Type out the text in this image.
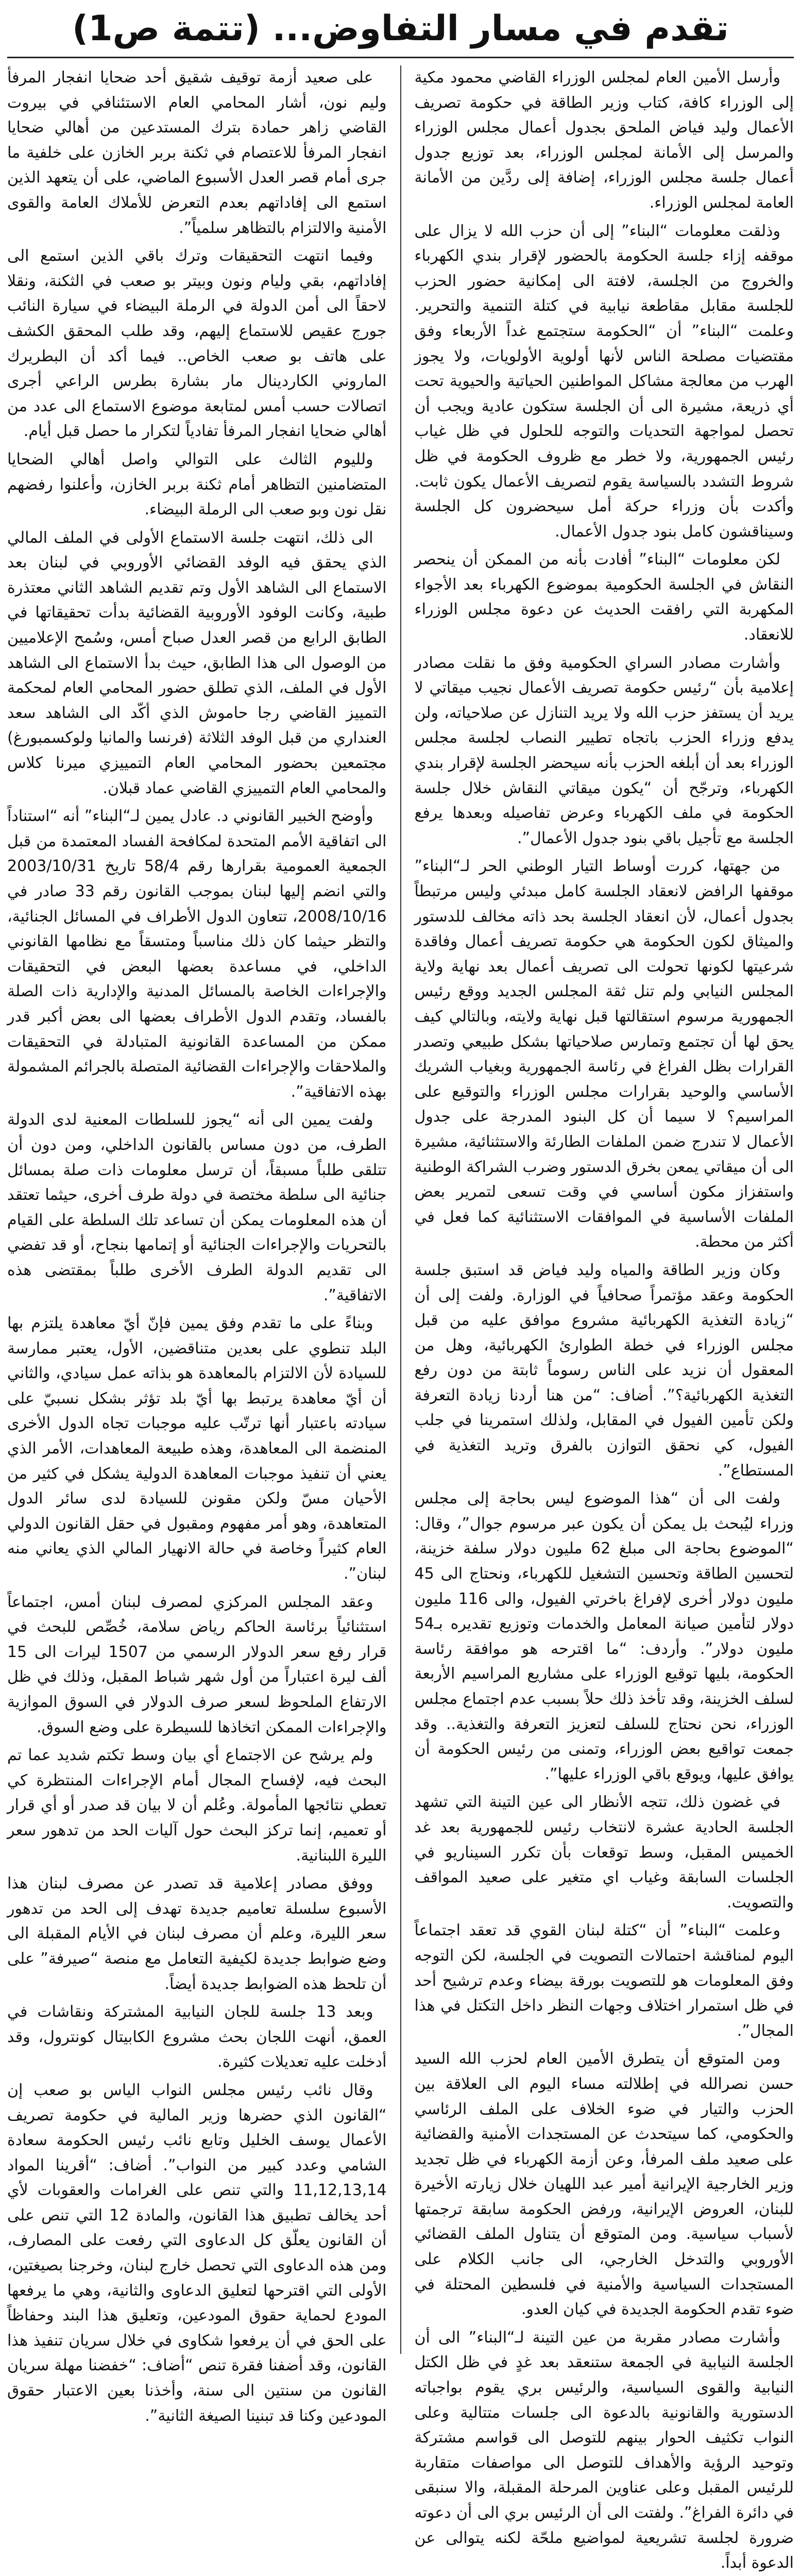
تقدم في مسار التفاوض... (تتمة ص1)

وأرسل الأمين العام لمجلس الوزراء القاضي محمود مكية إلى الوزراء كافة، كتاب وزير الطاقة في حكومة تصريف الأعمال وليد فياض الملحق بجدول أعمال مجلس الوزراء والمرسل إلى الأمانة لمجلس الوزراء، بعد توزيع جدول أعمال جلسة مجلس الوزراء، إضافة إلى ردَّين من الأمانة العامة لمجلس الوزراء.

وذلقت معلومات “البناء” إلى أن حزب الله لا يزال على موقفه إزاء جلسة الحكومة بالحضور لإقرار بندي الكهرباء والخروج من الجلسة، لافتة الى إمكانية حضور الحزب للجلسة مقابل مقاطعة نيابية في كتلة التنمية والتحرير. وعلمت “البناء” أن “الحكومة ستجتمع غداً الأربعاء وفق مقتضيات مصلحة الناس لأنها أولوية الأولويات، ولا يجوز الهرب من معالجة مشاكل المواطنين الحياتية والحيوية تحت أي ذريعة، مشيرة الى أن الجلسة ستكون عادية ويجب أن تحصل لمواجهة التحديات والتوجه للحلول في ظل غياب رئيس الجمهورية، ولا خطر مع ظروف الحكومة في ظل شروط التشدد بالسياسة يقوم لتصريف الأعمال يكون ثابت. وأكدت بأن وزراء حركة أمل سيحضرون كل الجلسة وسيناقشون كامل بنود جدول الأعمال.

لكن معلومات “البناء” أفادت بأنه من الممكن أن ينحصر النقاش في الجلسة الحكومية بموضوع الكهرباء بعد الأجواء المكهربة التي رافقت الحديث عن دعوة مجلس الوزراء للانعقاد.

وأشارت مصادر السراي الحكومية وفق ما نقلت مصادر إعلامية بأن “رئيس حكومة تصريف الأعمال نجيب ميقاتي لا يريد أن يستفز حزب الله ولا يريد التنازل عن صلاحياته، ولن يدفع وزراء الحزب باتجاه تطيير النصاب لجلسة مجلس الوزراء بعد أن أبلغه الحزب بأنه سيحضر الجلسة لإقرار بندي الكهرباء، وترجّح أن “يكون ميقاتي النقاش خلال جلسة الحكومة في ملف الكهرباء وعرض تفاصيله وبعدها يرفع الجلسة مع تأجيل باقي بنود جدول الأعمال”.

من جهتها، كررت أوساط التيار الوطني الحر لـ“البناء” موقفها الرافض لانعقاد الجلسة كامل مبدئي وليس مرتبطاً بجدول أعمال، لأن انعقاد الجلسة بحد ذاته مخالف للدستور والميثاق لكون الحكومة هي حكومة تصريف أعمال وفاقدة شرعيتها لكونها تحولت الى تصريف أعمال بعد نهاية ولاية المجلس النيابي ولم تنل ثقة المجلس الجديد ووقع رئيس الجمهورية مرسوم استقالتها قبل نهاية ولايته، وبالتالي كيف يحق لها أن تجتمع وتمارس صلاحياتها بشكل طبيعي وتصدر القرارات بظل الفراغ في رئاسة الجمهورية وبغياب الشريك الأساسي والوحيد بقرارات مجلس الوزراء والتوقيع على المراسيم؟ لا سيما أن كل البنود المدرجة على جدول الأعمال لا تندرج ضمن الملفات الطارئة والاستثنائية، مشيرة الى أن ميقاتي يمعن بخرق الدستور وضرب الشراكة الوطنية واستفزاز مكون أساسي في وقت تسعى لتمرير بعض الملفات الأساسية في الموافقات الاستثنائية كما فعل في أكثر من محطة.

وكان وزير الطاقة والمياه وليد فياض قد استبق جلسة الحكومة وعقد مؤتمراً صحافياً في الوزارة. ولفت إلى أن “زيادة التغذية الكهربائية مشروع موافق عليه من قبل مجلس الوزراء في خطة الطوارئ الكهربائية، وهل من المعقول أن نزيد على الناس رسوماً ثابتة من دون رفع التغذية الكهربائية؟”. أضاف: “من هنا أردنا زيادة التعرفة ولكن تأمين الفيول في المقابل، ولذلك استمرينا في جلب الفيول، كي نحقق التوازن بالفرق وتريد التغذية في المستطاع”.

ولفت الى أن “هذا الموضوع ليس بحاجة إلى مجلس وزراء ليُبحث بل يمكن أن يكون عبر مرسوم جوال”، وقال: “الموضوع بحاجة الى مبلغ 62 مليون دولار سلفة خزينة، لتحسين الطاقة وتحسين التشغيل للكهرباء، ونحتاج الى 45 مليون دولار أخرى لإفراغ باخرتي الفيول، والى 116 مليون دولار لتأمين صيانة المعامل والخدمات وتوزيع تقديره بـ54 مليون دولار”. وأردف: “ما اقترحه هو موافقة رئاسة الحكومة، بليها توقيع الوزراء على مشاريع المراسيم الأربعة لسلف الخزينة، وقد تأخذ ذلك حلاً بسبب عدم اجتماع مجلس الوزراء، نحن نحتاج للسلف لتعزيز التعرفة والتغذية.. وقد جمعت تواقيع بعض الوزراء، وتمنى من رئيس الحكومة أن يوافق عليها، ويوقع باقي الوزراء عليها”.

في غضون ذلك، تتجه الأنظار الى عين التينة التي تشهد الجلسة الحادية عشرة لانتخاب رئيس للجمهورية بعد غد الخميس المقبل، وسط توقعات بأن تكرر السيناريو في الجلسات السابقة وغياب اي متغير على صعيد المواقف والتصويت.

وعلمت “البناء” أن “كتلة لبنان القوي قد تعقد اجتماعاً اليوم لمناقشة احتمالات التصويت في الجلسة، لكن التوجه وفق المعلومات هو للتصويت بورقة بيضاء وعدم ترشيح أحد في ظل استمرار اختلاف وجهات النظر داخل التكتل في هذا المجال”.

ومن المتوقع أن يتطرق الأمين العام لحزب الله السيد حسن نصرالله في إطلالته مساء اليوم الى العلاقة بين الحزب والتيار في ضوء الخلاف على الملف الرئاسي والحكومي، كما سيتحدث عن المستجدات الأمنية والقضائية على صعيد ملف المرفأ، وعن أزمة الكهرباء في ظل تجديد وزير الخارجية الإيرانية أمير عبد اللهيان خلال زيارته الأخيرة للبنان، العروض الإيرانية، ورفض الحكومة سابقة ترجمتها لأسباب سياسية. ومن المتوقع أن يتناول الملف القضائي الأوروبي والتدخل الخارجي، الى جانب الكلام على المستجدات السياسية والأمنية في فلسطين المحتلة في ضوء تقدم الحكومة الجديدة في كيان العدو.

وأشارت مصادر مقربة من عين التينة لـ“البناء” الى أن الجلسة النيابية في الجمعة ستنعقد بعد غدٍ في ظل الكتل النيابية والقوى السياسية، والرئيس بري يقوم بواجباته الدستورية والقانونية بالدعوة الى جلسات متتالية وعلى النواب تكثيف الحوار بينهم للتوصل الى قواسم مشتركة وتوحيد الرؤية والأهداف للتوصل الى مواصفات متقاربة للرئيس المقبل وعلى عناوين المرحلة المقبلة، والا سنبقى في دائرة الفراغ”. ولفتت الى أن الرئيس بري الى أن دعوته ضرورة لجلسة تشريعية لمواضيع ملحّة لكنه يتوالى عن الدعوة أبداً.

على صعيد أزمة توقيف شقيق أحد ضحايا انفجار المرفأ وليم نون، أشار المحامي العام الاستئنافي في بيروت القاضي زاهر حمادة بترك المستدعين من أهالي ضحايا انفجار المرفأ للاعتصام في ثكنة بربر الخازن على خلفية ما جرى أمام قصر العدل الأسبوع الماضي، على أن يتعهد الذين استمع الى إفاداتهم بعدم التعرض للأملاك العامة والقوى الأمنية والالتزام بالتظاهر سلمياً”.

وفيما انتهت التحقيقات وترك باقي الذين استمع الى إفاداتهم، بقي وليام ونون وبيتر بو صعب في الثكنة، ونقلا لاحقاً الى أمن الدولة في الرملة البيضاء في سيارة النائب جورج عقيص للاستماع إليهم، وقد طلب المحقق الكشف على هاتف بو صعب الخاص.. فيما أكد أن البطريرك الماروني الكاردينال مار بشارة بطرس الراعي أجرى اتصالات حسب أمس لمتابعة موضوع الاستماع الى عدد من أهالي ضحايا انفجار المرفأ تفادياً لتكرار ما حصل قبل أيام.

ولليوم الثالث على التوالي واصل أهالي الضحايا المتضامنين التظاهر أمام ثكنة بربر الخازن، وأعلنوا رفضهم نقل نون وبو صعب الى الرملة البيضاء.

الى ذلك، انتهت جلسة الاستماع الأولى في الملف المالي الذي يحقق فيه الوفد القضائي الأوروبي في لبنان بعد الاستماع الى الشاهد الأول وتم تقديم الشاهد الثاني معتذرة طبية، وكانت الوفود الأوروبية القضائية بدأت تحقيقاتها في الطابق الرابع من قصر العدل صباح أمس، وسُمح الإعلاميين من الوصول الى هذا الطابق، حيث بدأ الاستماع الى الشاهد الأول في الملف، الذي تطلق حضور المحامي العام لمحكمة التمييز القاضي رجا حاموش الذي أكّد الى الشاهد سعد العنداري من قبل الوفد الثلاثة (فرنسا والمانيا ولوكسمبورغ) مجتمعين بحضور المحامي العام التمييزي ميرنا كلاس والمحامي العام التمييزي القاضي عماد قبلان.

وأوضح الخبير القانوني د. عادل يمين لـ“البناء” أنه “استناداً الى اتفاقية الأمم المتحدة لمكافحة الفساد المعتمدة من قبل الجمعية العمومية بقرارها رقم 58/4 تاريخ 2003/10/31 والتي انضم إليها لبنان بموجب القانون رقم 33 صادر في 2008/10/16، تتعاون الدول الأطراف في المسائل الجنائية، والتظر حيثما كان ذلك مناسباً ومتسقاً مع نظامها القانوني الداخلي، في مساعدة بعضها البعض في التحقيقات والإجراءات الخاصة بالمسائل المدنية والإدارية ذات الصلة بالفساد، وتقدم الدول الأطراف بعضها الى بعض أكبر قدر ممكن من المساعدة القانونية المتبادلة في التحقيقات والملاحقات والإجراءات القضائية المتصلة بالجرائم المشمولة بهذه الاتفاقية”.

ولفت يمين الى أنه “يجوز للسلطات المعنية لدى الدولة الطرف، من دون مساس بالقانون الداخلي، ومن دون أن تتلقى طلباً مسبقاً، أن ترسل معلومات ذات صلة بمسائل جنائية الى سلطة مختصة في دولة طرف أخرى، حيثما تعتقد أن هذه المعلومات يمكن أن تساعد تلك السلطة على القيام بالتحريات والإجراءات الجنائية أو إتمامها بنجاح، أو قد تفضي الى تقديم الدولة الطرف الأخرى طلباً بمقتضى هذه الاتفاقية”.

وبناءً على ما تقدم وفق يمين فإنّ أيّ معاهدة يلتزم بها البلد تنطوي على بعدين متناقضين، الأول، يعتبر ممارسة للسيادة لأن الالتزام بالمعاهدة هو بذاته عمل سيادي، والثاني أن أيّ معاهدة يرتبط بها أيّ بلد تؤثر بشكل نسبيّ على سيادته باعتبار أنها ترتّب عليه موجبات تجاه الدول الأخرى المنضمة الى المعاهدة، وهذه طبيعة المعاهدات، الأمر الذي يعني أن تنفيذ موجبات المعاهدة الدولية يشكل في كثير من الأحيان مسّ ولكن مقونن للسيادة لدى سائر الدول المتعاهدة، وهو أمر مفهوم ومقبول في حقل القانون الدولي العام كثيراً وخاصة في حالة الانهيار المالي الذي يعاني منه لبنان”.

وعقد المجلس المركزي لمصرف لبنان أمس، اجتماعاً استثنائياً برئاسة الحاكم رياض سلامة، خُصِّص للبحث في قرار رفع سعر الدولار الرسمي من 1507 ليرات الى 15 ألف ليرة اعتباراً من أول شهر شباط المقبل، وذلك في ظل الارتفاع الملحوظ لسعر صرف الدولار في السوق الموازية والإجراءات الممكن اتخاذها للسيطرة على وضع السوق.

ولم يرشح عن الاجتماع أي بيان وسط تكتم شديد عما تم البحث فيه، لإفساح المجال أمام الإجراءات المنتظرة كي تعطي نتائجها المأمولة. وعُلم أن لا بيان قد صدر أو أي قرار أو تعميم، إنما تركز البحث حول آليات الحد من تدهور سعر الليرة اللبنانية.

ووفق مصادر إعلامية قد تصدر عن مصرف لبنان هذا الأسبوع سلسلة تعاميم جديدة تهدف إلى الحد من تدهور سعر الليرة، وعلم أن مصرف لبنان في الأيام المقبلة الى وضع ضوابط جديدة لكيفية التعامل مع منصة “صيرفة” على أن تلحظ هذه الضوابط جديدة أيضاً.

وبعد 13 جلسة للجان النيابية المشتركة ونقاشات في العمق، أنهت اللجان بحث مشروع الكابيتال كونترول، وقد أدخلت عليه تعديلات كثيرة.

وقال نائب رئيس مجلس النواب الياس بو صعب إن “القانون الذي حضرها وزير المالية في حكومة تصريف الأعمال يوسف الخليل وتابع نائب رئيس الحكومة سعادة الشامي وعدد كبير من النواب”. أضاف: “أقرينا المواد 11,12,13,14 والتي تنص على الغرامات والعقوبات لأي أحد يخالف تطبيق هذا القانون، والمادة 12 التي تنص على أن القانون يعلّق كل الدعاوى التي رفعت على المصارف، ومن هذه الدعاوى التي تحصل خارج لبنان، وخرجنا بصيغتين، الأولى التي اقترحها لتعليق الدعاوى والثانية، وهي ما يرفعها المودع لحماية حقوق المودعين، وتعليق هذا البند وحفاظاً على الحق في أن يرفعوا شكاوى في خلال سريان تنفيذ هذا القانون، وقد أضفنا فقرة تنص “أضاف: “خفضنا مهلة سريان القانون من سنتين الى سنة، وأخذنا بعين الاعتبار حقوق المودعين وكنا قد تبنينا الصيغة الثانية”.
